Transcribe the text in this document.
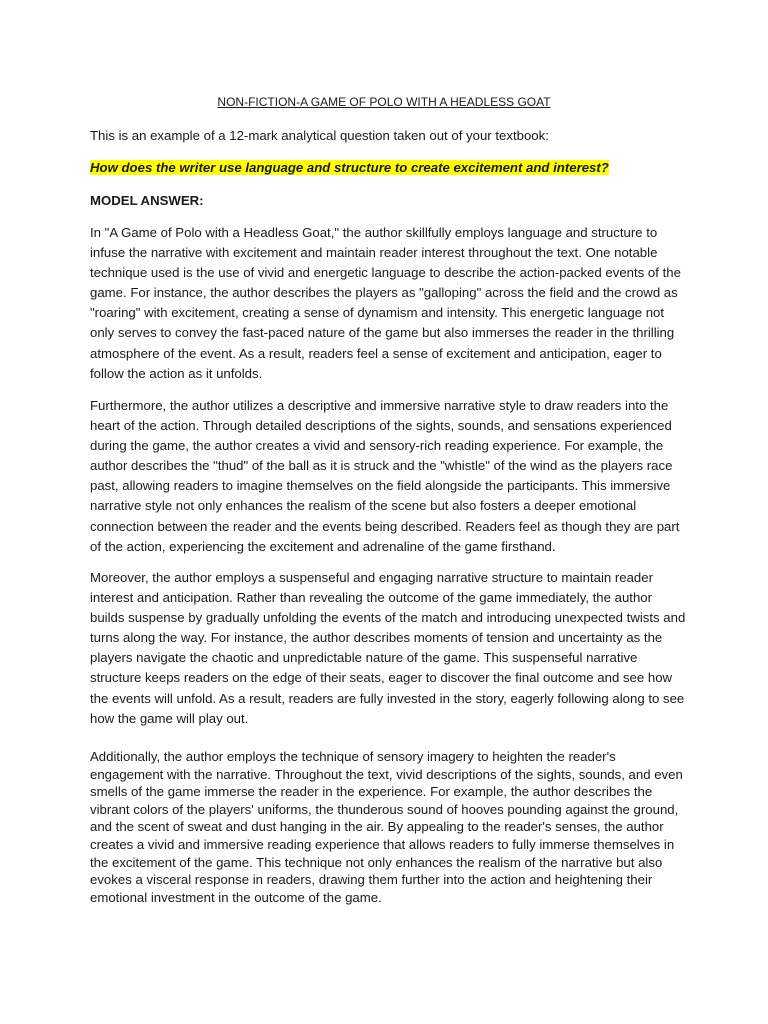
NON-FICTION-A GAME OF POLO WITH A HEADLESS GOAT

This is an example of a 12-mark analytical question taken out of your textbook:

How does the writer use language and structure to create excitement and interest?

MODEL ANSWER:

In "A Game of Polo with a Headless Goat," the author skillfully employs language and structure to infuse the narrative with excitement and maintain reader interest throughout the text. One notable technique used is the use of vivid and energetic language to describe the action-packed events of the game. For instance, the author describes the players as "galloping" across the field and the crowd as "roaring" with excitement, creating a sense of dynamism and intensity. This energetic language not only serves to convey the fast-paced nature of the game but also immerses the reader in the thrilling atmosphere of the event. As a result, readers feel a sense of excitement and anticipation, eager to follow the action as it unfolds.

Furthermore, the author utilizes a descriptive and immersive narrative style to draw readers into the heart of the action. Through detailed descriptions of the sights, sounds, and sensations experienced during the game, the author creates a vivid and sensory-rich reading experience. For example, the author describes the "thud" of the ball as it is struck and the "whistle" of the wind as the players race past, allowing readers to imagine themselves on the field alongside the participants. This immersive narrative style not only enhances the realism of the scene but also fosters a deeper emotional connection between the reader and the events being described. Readers feel as though they are part of the action, experiencing the excitement and adrenaline of the game firsthand.

Moreover, the author employs a suspenseful and engaging narrative structure to maintain reader interest and anticipation. Rather than revealing the outcome of the game immediately, the author builds suspense by gradually unfolding the events of the match and introducing unexpected twists and turns along the way. For instance, the author describes moments of tension and uncertainty as the players navigate the chaotic and unpredictable nature of the game. This suspenseful narrative structure keeps readers on the edge of their seats, eager to discover the final outcome and see how the events will unfold. As a result, readers are fully invested in the story, eagerly following along to see how the game will play out.

Additionally, the author employs the technique of sensory imagery to heighten the reader's engagement with the narrative. Throughout the text, vivid descriptions of the sights, sounds, and even smells of the game immerse the reader in the experience. For example, the author describes the vibrant colors of the players' uniforms, the thunderous sound of hooves pounding against the ground, and the scent of sweat and dust hanging in the air. By appealing to the reader's senses, the author creates a vivid and immersive reading experience that allows readers to fully immerse themselves in the excitement of the game. This technique not only enhances the realism of the narrative but also evokes a visceral response in readers, drawing them further into the action and heightening their emotional investment in the outcome of the game.
